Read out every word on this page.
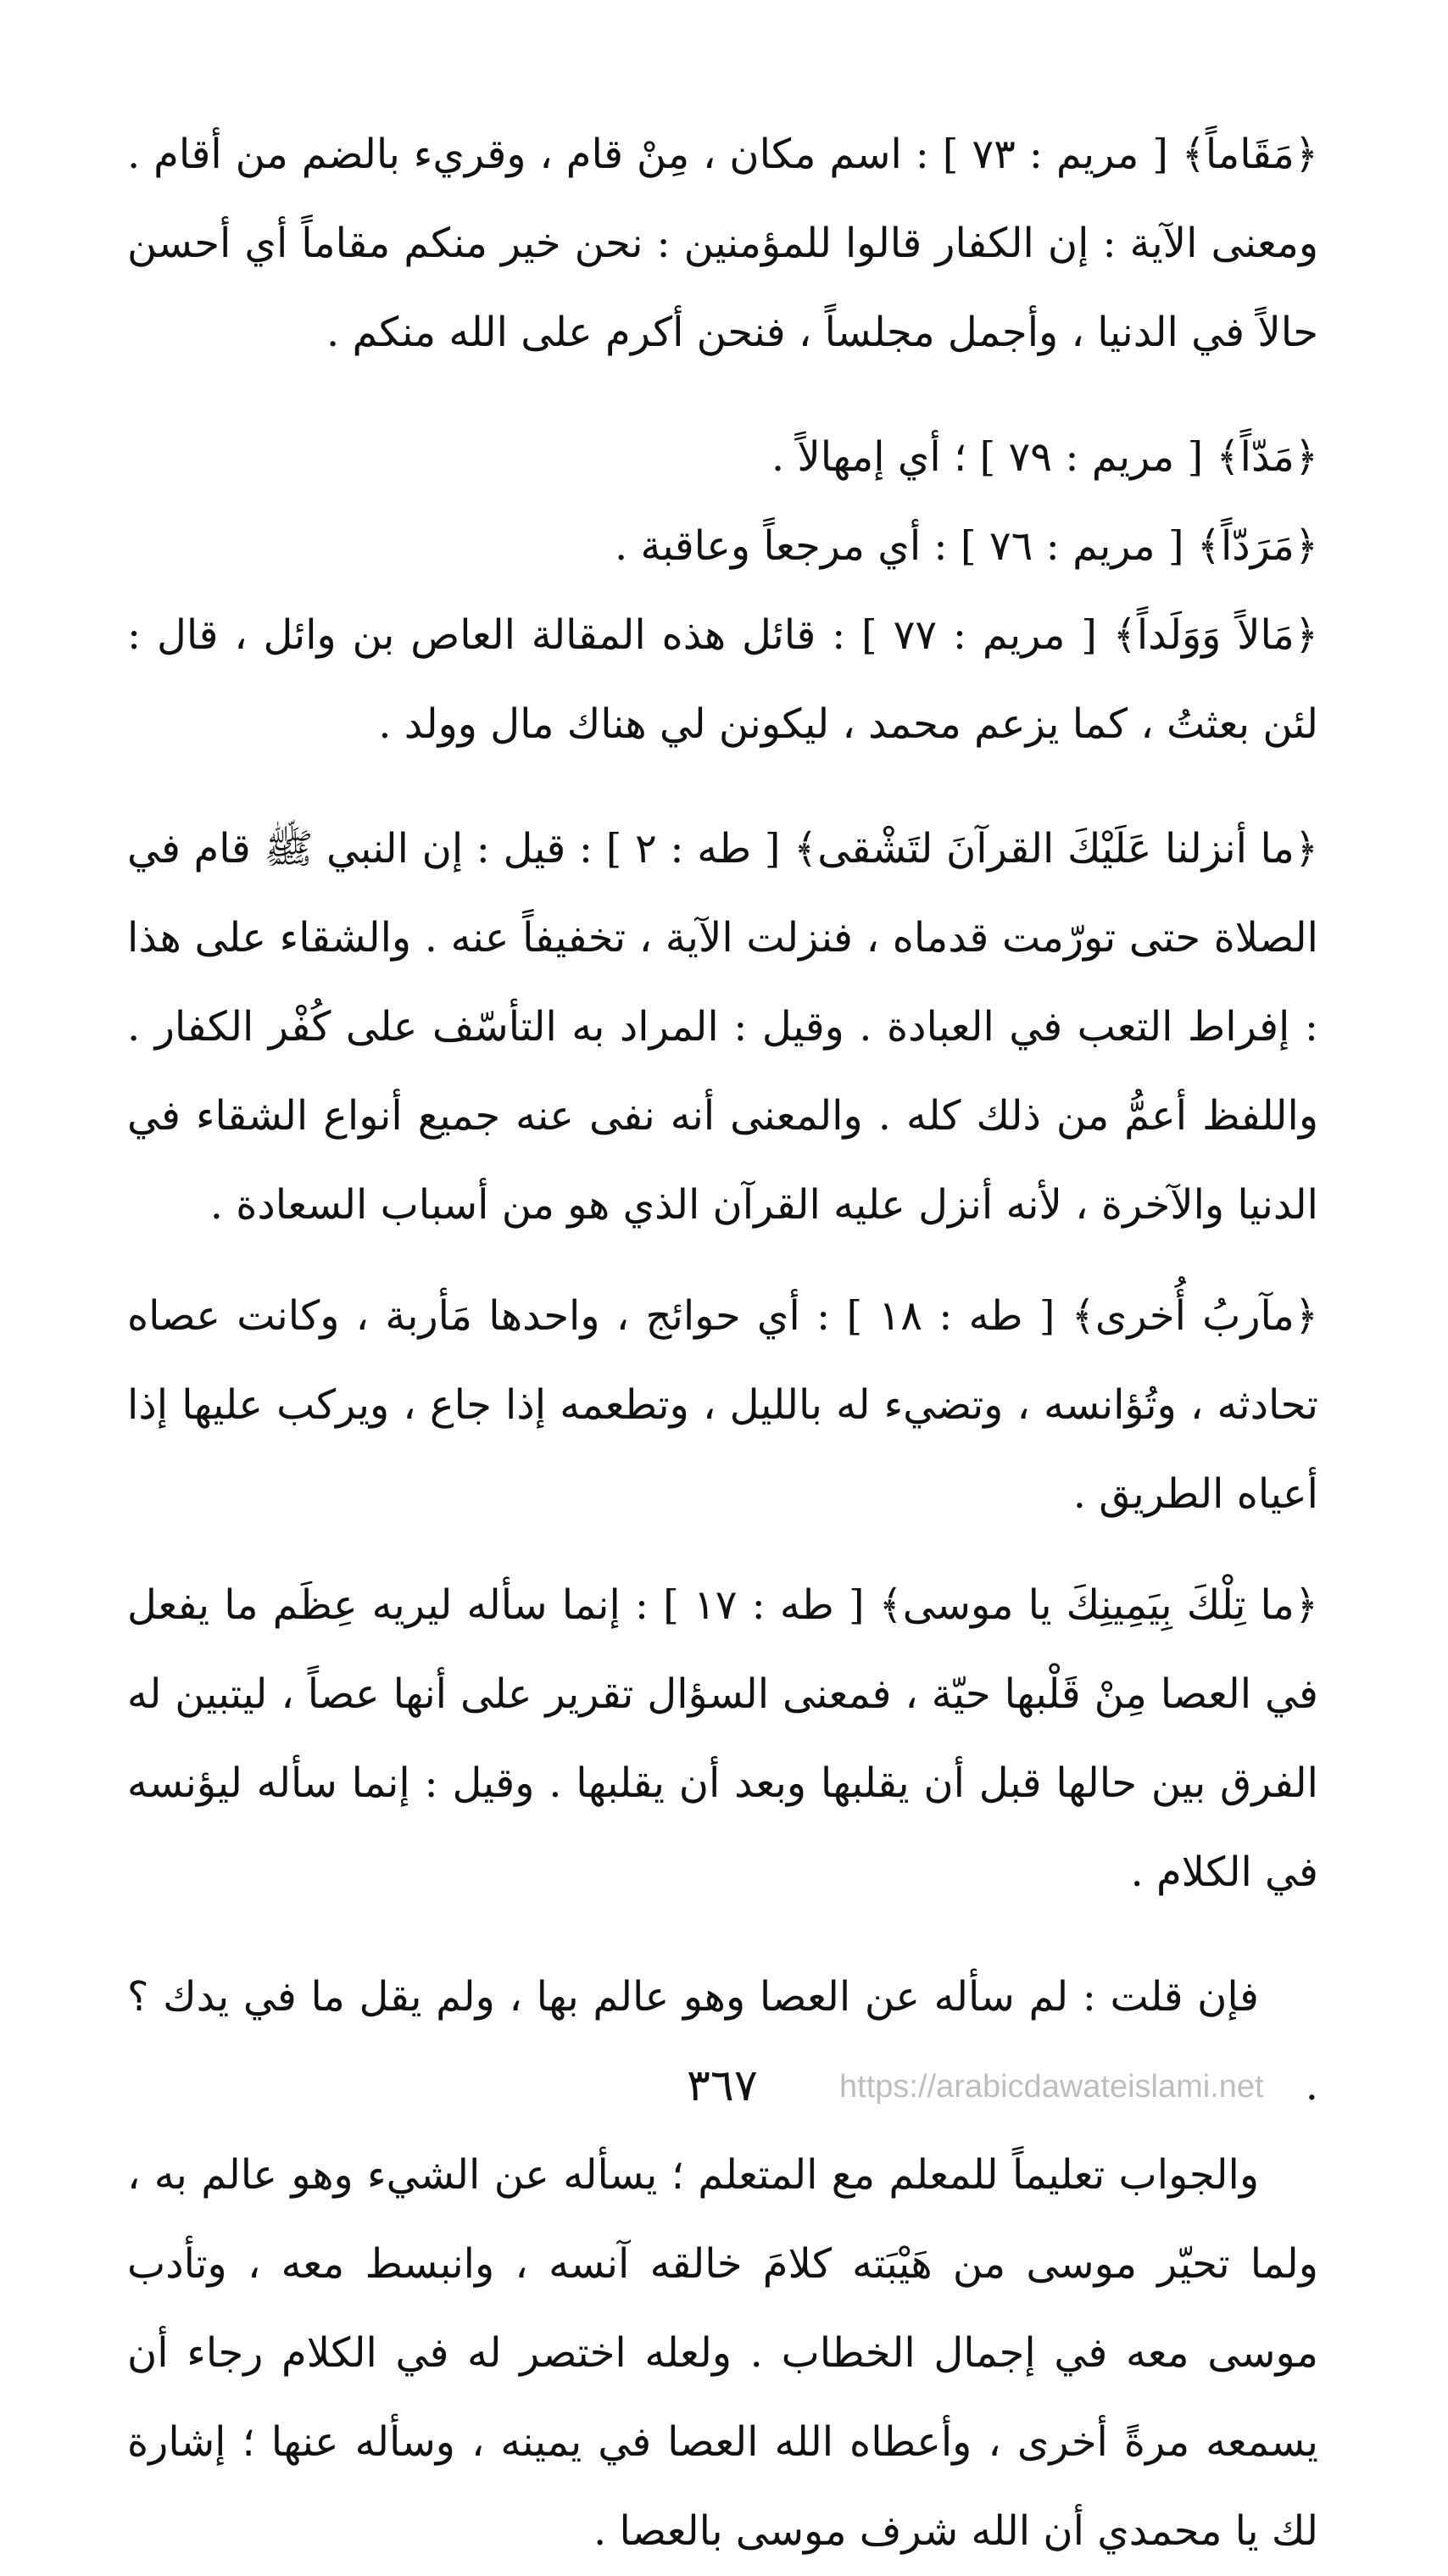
﴿مَقَاماً﴾ [ مريم : ٧٣ ] : اسم مكان ، مِنْ قام ، وقريء بالضم من أقام . ومعنى الآية : إن الكفار قالوا للمؤمنين : نحن خير منكم مقاماً أي أحسن حالاً في الدنيا ، وأجمل مجلساً ، فنحن أكرم على الله منكم .

﴿مَدّاً﴾ [ مريم : ٧٩ ] ؛ أي إمهالاً .

﴿مَرَدّاً﴾ [ مريم : ٧٦ ] : أي مرجعاً وعاقبة .

﴿مَالاً وَوَلَداً﴾ [ مريم : ٧٧ ] : قائل هذه المقالة العاص بن وائل ، قال : لئن بعثتُ ، كما يزعم محمد ، ليكونن لي هناك مال وولد .

﴿ما أنزلنا عَلَيْكَ القرآنَ لتَشْقى﴾ [ طه : ٢ ] : قيل : إن النبي ﷺ قام في الصلاة حتى تورّمت قدماه ، فنزلت الآية ، تخفيفاً عنه . والشقاء على هذا : إفراط التعب في العبادة . وقيل : المراد به التأسّف على كُفْر الكفار . واللفظ أعمُّ من ذلك كله . والمعنى أنه نفى عنه جميع أنواع الشقاء في الدنيا والآخرة ، لأنه أنزل عليه القرآن الذي هو من أسباب السعادة .

﴿مآربُ أُخرى﴾ [ طه : ١٨ ] : أي حوائج ، واحدها مَأربة ، وكانت عصاه تحادثه ، وتُؤانسه ، وتضيء له بالليل ، وتطعمه إذا جاع ، ويركب عليها إذا أعياه الطريق .

﴿ما تِلْكَ بِيَمِينِكَ يا موسى﴾ [ طه : ١٧ ] : إنما سأله ليريه عِظَم ما يفعل في العصا مِنْ قَلْبها حيّة ، فمعنى السؤال تقرير على أنها عصاً ، ليتبين له الفرق بين حالها قبل أن يقلبها وبعد أن يقلبها . وقيل : إنما سأله ليؤنسه في الكلام .

فإن قلت : لم سأله عن العصا وهو عالم بها ، ولم يقل ما في يدك ؟ .

والجواب تعليماً للمعلم مع المتعلم ؛ يسأله عن الشيء وهو عالم به ، ولما تحيّر موسى من هَيْبَته كلامَ خالقه آنسه ، وانبسط معه ، وتأدب موسى معه في إجمال الخطاب . ولعله اختصر له في الكلام رجاء أن يسمعه مرةً أخرى ، وأعطاه الله العصا في يمينه ، وسأله عنها ؛ إشارة لك يا محمدي أن الله شرف موسى بالعصا .

٣٦٧	https://arabicdawateislami.net
